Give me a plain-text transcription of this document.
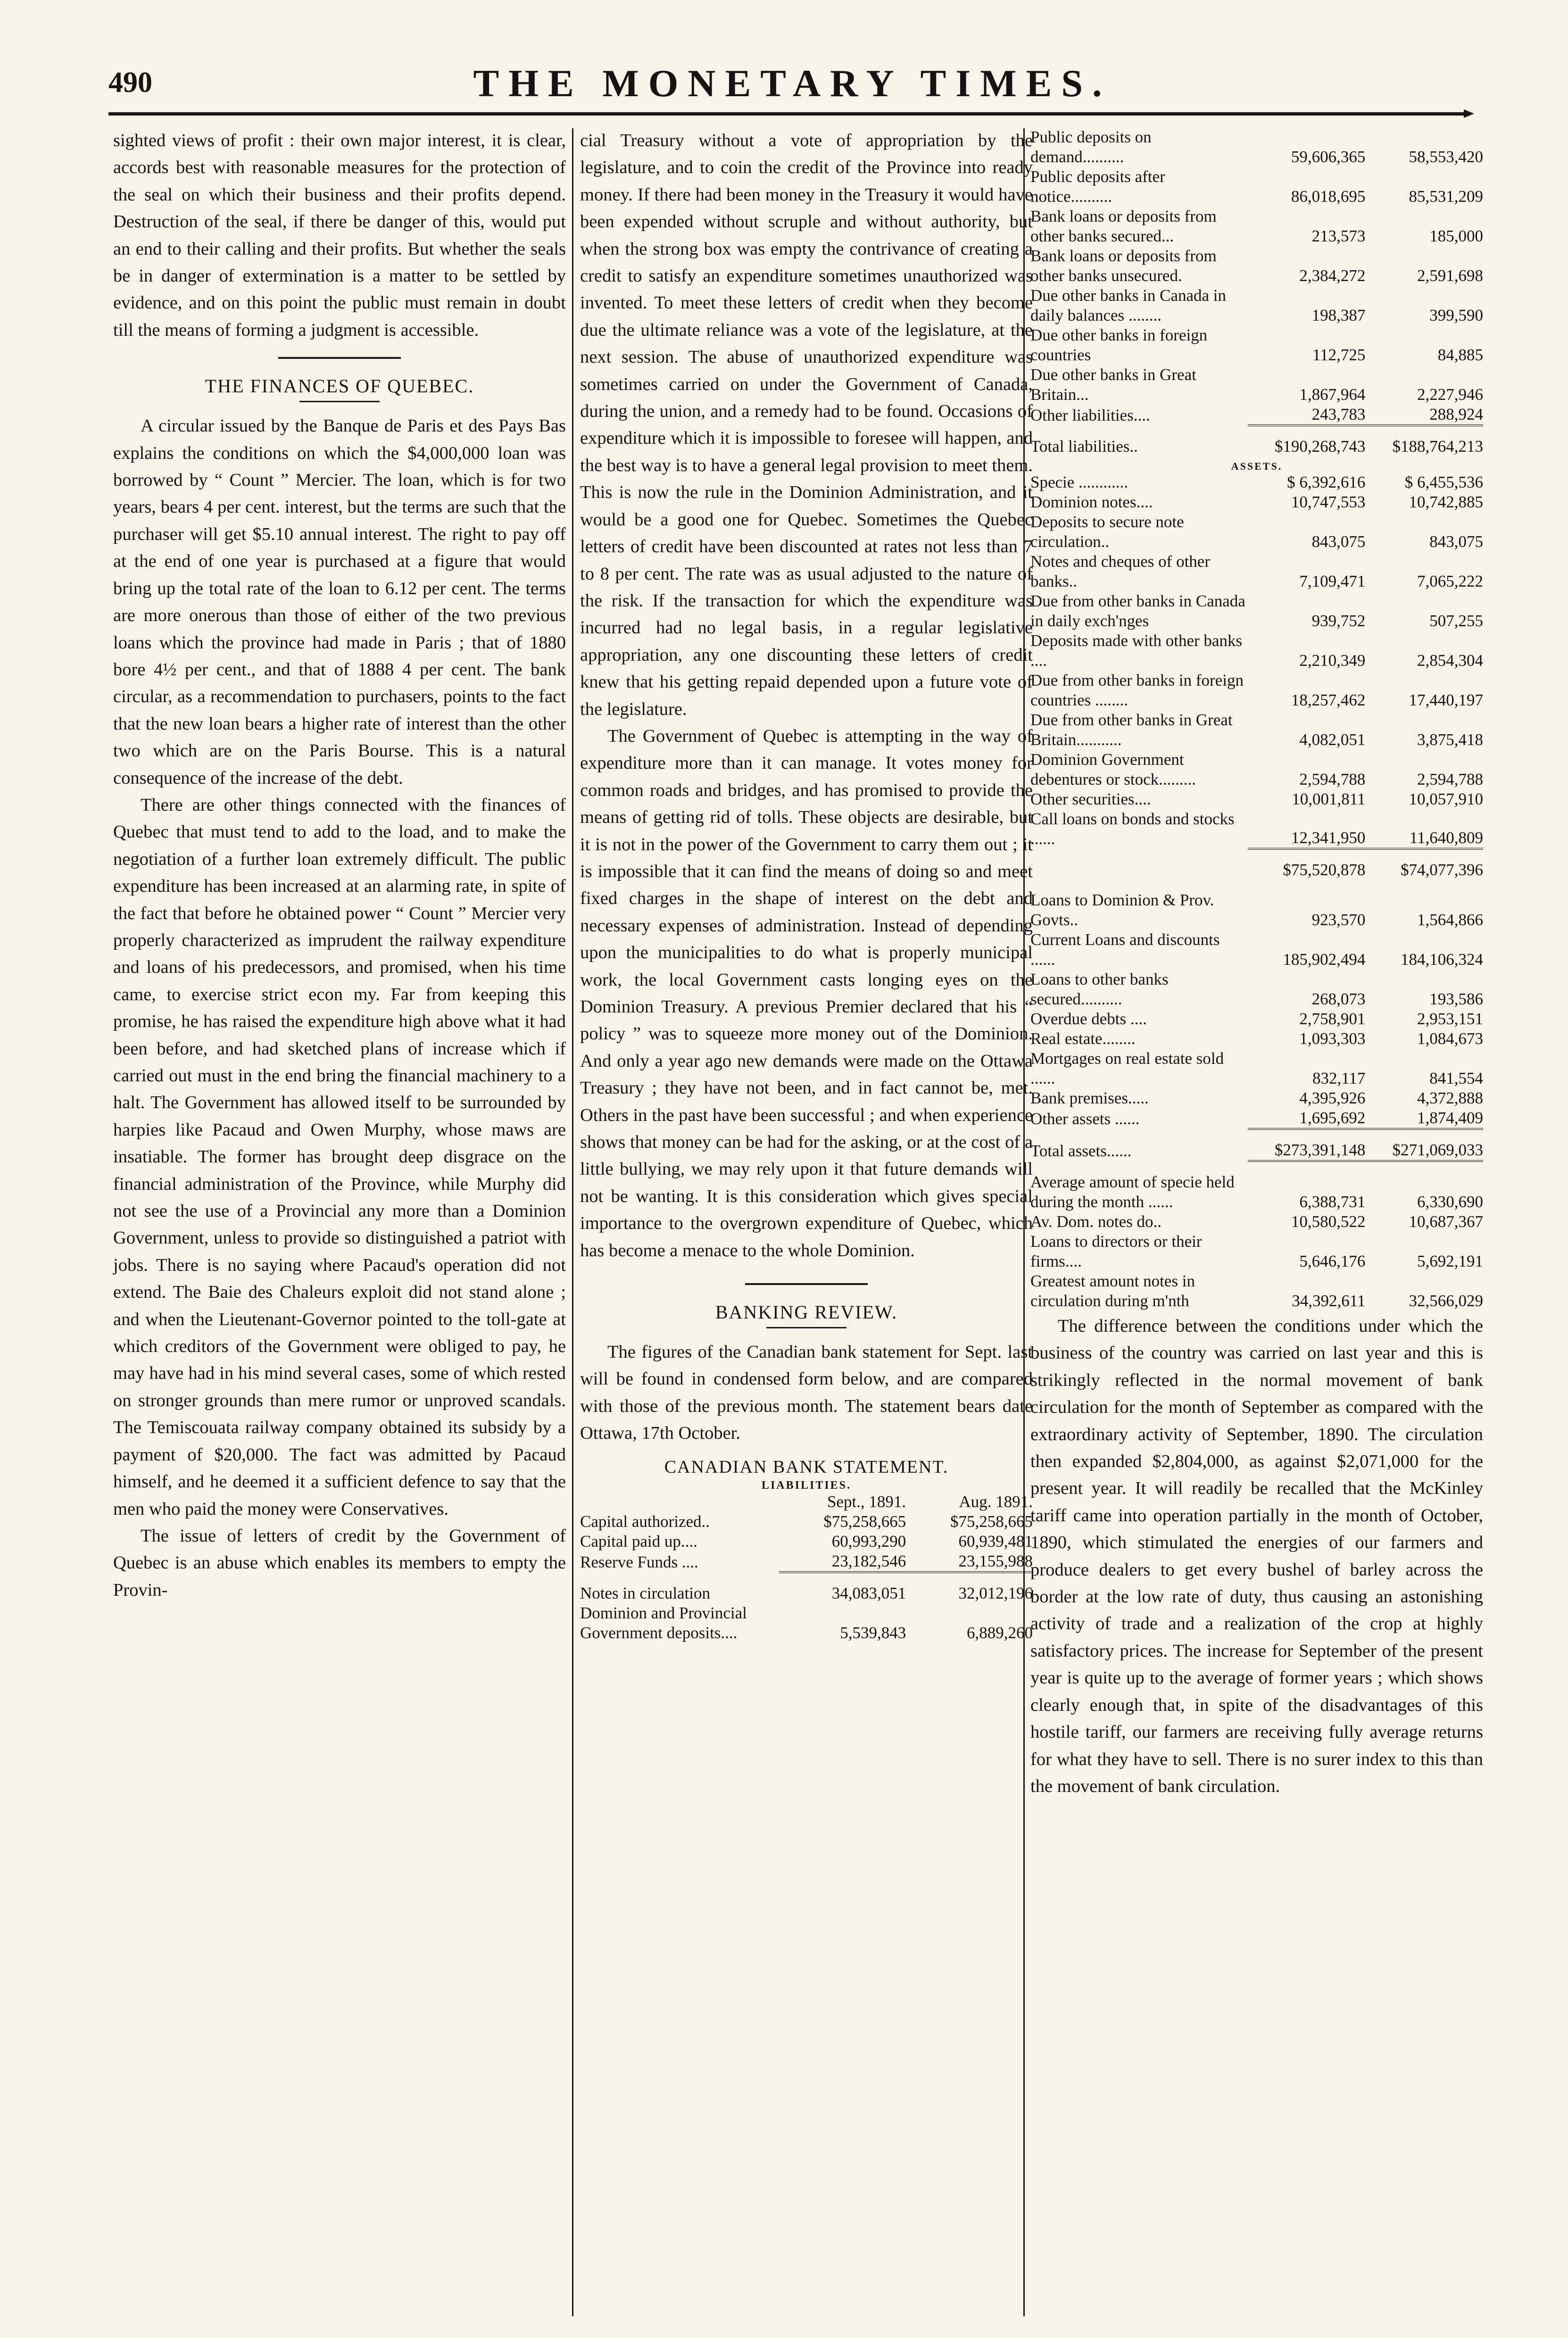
490	THE MONETARY TIMES.

sighted views of profit : their own major interest, it is clear, accords best with reasonable measures for the protection of the seal on which their business and their profits depend. Destruction of the seal, if there be danger of this, would put an end to their calling and their profits. But whether the seals be in danger of extermination is a matter to be settled by evidence, and on this point the public must remain in doubt till the means of forming a judgment is accessible.

THE FINANCES OF QUEBEC.

A circular issued by the Banque de Paris et des Pays Bas explains the conditions on which the $4,000,000 loan was borrowed by “ Count ” Mercier. The loan, which is for two years, bears 4 per cent. interest, but the terms are such that the purchaser will get $5.10 annual interest. The right to pay off at the end of one year is purchased at a figure that would bring up the total rate of the loan to 6.12 per cent. The terms are more onerous than those of either of the two previous loans which the province had made in Paris ; that of 1880 bore 4½ per cent., and that of 1888 4 per cent. The bank circular, as a recommendation to purchasers, points to the fact that the new loan bears a higher rate of interest than the other two which are on the Paris Bourse. This is a natural consequence of the increase of the debt.

There are other things connected with the finances of Quebec that must tend to add to the load, and to make the negotiation of a further loan extremely difficult. The public expenditure has been increased at an alarming rate, in spite of the fact that before he obtained power “ Count ” Mercier very properly characterized as imprudent the railway expenditure and loans of his predecessors, and promised, when his time came, to exercise strict econ my. Far from keeping this promise, he has raised the expenditure high above what it had been before, and had sketched plans of increase which if carried out must in the end bring the financial machinery to a halt. The Government has allowed itself to be surrounded by harpies like Pacaud and Owen Murphy, whose maws are insatiable. The former has brought deep disgrace on the financial administration of the Province, while Murphy did not see the use of a Provincial any more than a Dominion Government, unless to provide so distinguished a patriot with jobs. There is no saying where Pacaud's operation did not extend. The Baie des Chaleurs exploit did not stand alone ; and when the Lieutenant-Governor pointed to the toll-gate at which creditors of the Government were obliged to pay, he may have had in his mind several cases, some of which rested on stronger grounds than mere rumor or unproved scandals. The Temiscouata railway company obtained its subsidy by a payment of $20,000. The fact was admitted by Pacaud himself, and he deemed it a sufficient defence to say that the men who paid the money were Conservatives.

The issue of letters of credit by the Government of Quebec is an abuse which enables its members to empty the Provin-

cial Treasury without a vote of appropriation by the legislature, and to coin the credit of the Province into ready money. If there had been money in the Treasury it would have been expended without scruple and without authority, but when the strong box was empty the contrivance of creating a credit to satisfy an expenditure sometimes unauthorized was invented. To meet these letters of credit when they become due the ultimate reliance was a vote of the legislature, at the next session. The abuse of unauthorized expenditure was sometimes carried on under the Government of Canada, during the union, and a remedy had to be found. Occasions of expenditure which it is impossible to foresee will happen, and the best way is to have a general legal provision to meet them. This is now the rule in the Dominion Administration, and it would be a good one for Quebec. Sometimes the Quebec letters of credit have been discounted at rates not less than 7 to 8 per cent. The rate was as usual adjusted to the nature of the risk. If the transaction for which the expenditure was incurred had no legal basis, in a regular legislative appropriation, any one discounting these letters of credit knew that his getting repaid depended upon a future vote of the legislature.

The Government of Quebec is attempting in the way of expenditure more than it can manage. It votes money for common roads and bridges, and has promised to provide the means of getting rid of tolls. These objects are desirable, but it is not in the power of the Government to carry them out ; it is impossible that it can find the means of doing so and meet fixed charges in the shape of interest on the debt and necessary expenses of administration. Instead of depending upon the municipalities to do what is properly municipal work, the local Government casts longing eyes on the Dominion Treasury. A previous Premier declared that his “ policy ” was to squeeze more money out of the Dominion. And only a year ago new demands were made on the Ottawa Treasury ; they have not been, and in fact cannot be, met. Others in the past have been successful ; and when experience shows that money can be had for the asking, or at the cost of a little bullying, we may rely upon it that future demands will not be wanting. It is this consideration which gives special importance to the overgrown expenditure of Quebec, which has become a menace to the whole Dominion.

BANKING REVIEW.

The figures of the Canadian bank statement for Sept. last will be found in condensed form below, and are compared with those of the previous month. The statement bears date Ottawa, 17th October.

CANADIAN BANK STATEMENT.
LIABILITIES.
	Sept., 1891.	Aug. 1891.
Capital authorized..	$75,258,665	$75,258,665
Capital paid up....	60,993,290	60,939,481
Reserve Funds ....	23,182,546	23,155,988
Notes in circulation	34,083,051	32,012,196
Dominion and Provincial Government deposits....	5,539,843	6,889,260
Public deposits on demand..........	59,606,365	58,553,420
Public deposits after notice..........	86,018,695	85,531,209
Bank loans or deposits from other banks secured...	213,573	185,000
Bank loans or deposits from other banks unsecured.	2,384,272	2,591,698
Due other banks in Canada in daily balances ........	198,387	399,590
Due other banks in foreign countries	112,725	84,885
Due other banks in Great Britain...	1,867,964	2,227,946
Other liabilities....	243,783	288,924
Total liabilities..	$190,268,743	$188,764,213
ASSETS.
Specie ............	$ 6,392,616	$ 6,455,536
Dominion notes....	10,747,553	10,742,885
Deposits to secure note circulation..	843,075	843,075
Notes and cheques of other banks..	7,109,471	7,065,222
Due from other banks in Canada in daily exch'nges	939,752	507,255
Deposits made with other banks ....	2,210,349	2,854,304
Due from other banks in foreign countries ........	18,257,462	17,440,197
Due from other banks in Great Britain...........	4,082,051	3,875,418
Dominion Government debentures or stock.........	2,594,788	2,594,788
Other securities....	10,001,811	10,057,910
Call loans on bonds and stocks ......	12,341,950	11,640,809
	$75,520,878	$74,077,396
Loans to Dominion & Prov. Govts..	923,570	1,564,866
Current Loans and discounts ......	185,902,494	184,106,324
Loans to other banks secured..........	268,073	193,586
Overdue debts ....	2,758,901	2,953,151
Real estate........	1,093,303	1,084,673
Mortgages on real estate sold ......	832,117	841,554
Bank premises.....	4,395,926	4,372,888
Other assets ......	1,695,692	1,874,409
Total assets......	$273,391,148	$271,069,033
Average amount of specie held during the month ......	6,388,731	6,330,690
Av. Dom. notes do..	10,580,522	10,687,367
Loans to directors or their firms....	5,646,176	5,692,191
Greatest amount notes in circulation during m'nth	34,392,611	32,566,029

The difference between the conditions under which the business of the country was carried on last year and this is strikingly reflected in the normal movement of bank circulation for the month of September as compared with the extraordinary activity of September, 1890. The circulation then expanded $2,804,000, as against $2,071,000 for the present year. It will readily be recalled that the McKinley tariff came into operation partially in the month of October, 1890, which stimulated the energies of our farmers and produce dealers to get every bushel of barley across the border at the low rate of duty, thus causing an astonishing activity of trade and a realization of the crop at highly satisfactory prices. The increase for September of the present year is quite up to the average of former years ; which shows clearly enough that, in spite of the disadvantages of this hostile tariff, our farmers are receiving fully average returns for what they have to sell. There is no surer index to this than the movement of bank circulation.
